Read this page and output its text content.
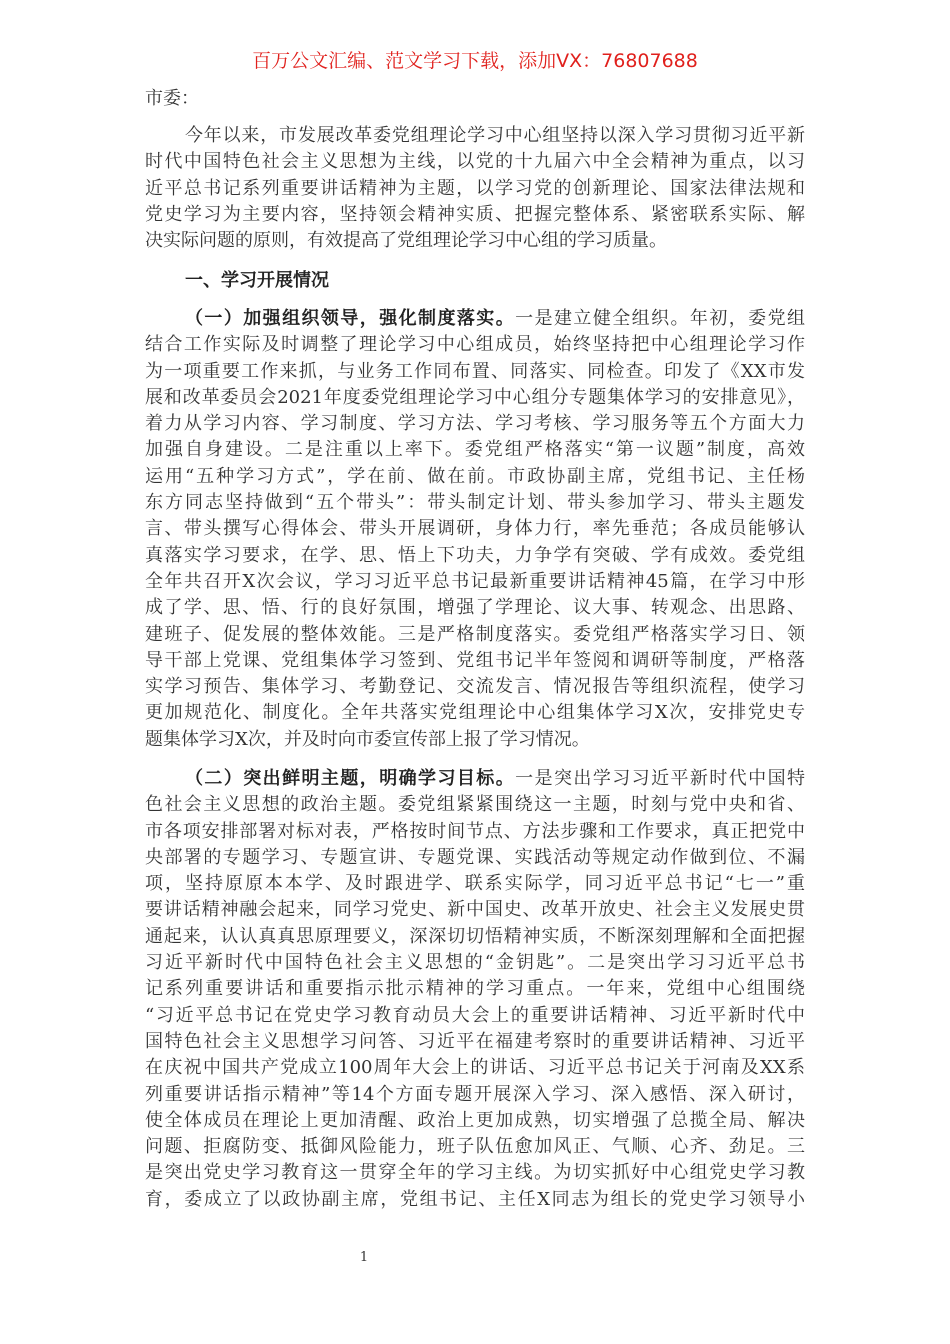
百万公文汇编、范文学习下载，添加VX：76807688
市委：
今年以来，市发展改革委党组理论学习中心组坚持以深入学习贯彻习近平新
时代中国特色社会主义思想为主线，以党的十九届六中全会精神为重点，以习
近平总书记系列重要讲话精神为主题，以学习党的创新理论、国家法律法规和
党史学习为主要内容，坚持领会精神实质、把握完整体系、紧密联系实际、解
决实际问题的原则，有效提高了党组理论学习中心组的学习质量。
一、学习开展情况
（一）加强组织领导，强化制度落实。一是建立健全组织。年初，委党组
结合工作实际及时调整了理论学习中心组成员，始终坚持把中心组理论学习作
为一项重要工作来抓，与业务工作同布置、同落实、同检查。印发了《XX市发
展和改革委员会2021年度委党组理论学习中心组分专题集体学习的安排意见》，
着力从学习内容、学习制度、学习方法、学习考核、学习服务等五个方面大力
加强自身建设。二是注重以上率下。委党组严格落实“第一议题”制度，高效
运用“五种学习方式”，学在前、做在前。市政协副主席，党组书记、主任杨
东方同志坚持做到“五个带头”：带头制定计划、带头参加学习、带头主题发
言、带头撰写心得体会、带头开展调研，身体力行，率先垂范；各成员能够认
真落实学习要求，在学、思、悟上下功夫，力争学有突破、学有成效。委党组
全年共召开X次会议，学习习近平总书记最新重要讲话精神45篇，在学习中形
成了学、思、悟、行的良好氛围，增强了学理论、议大事、转观念、出思路、
建班子、促发展的整体效能。三是严格制度落实。委党组严格落实学习日、领
导干部上党课、党组集体学习签到、党组书记半年签阅和调研等制度，严格落
实学习预告、集体学习、考勤登记、交流发言、情况报告等组织流程，使学习
更加规范化、制度化。全年共落实党组理论中心组集体学习X次，安排党史专
题集体学习X次，并及时向市委宣传部上报了学习情况。
（二）突出鲜明主题，明确学习目标。一是突出学习习近平新时代中国特
色社会主义思想的政治主题。委党组紧紧围绕这一主题，时刻与党中央和省、
市各项安排部署对标对表，严格按时间节点、方法步骤和工作要求，真正把党中
央部署的专题学习、专题宣讲、专题党课、实践活动等规定动作做到位、不漏
项，坚持原原本本学、及时跟进学、联系实际学，同习近平总书记“七一”重
要讲话精神融会起来，同学习党史、新中国史、改革开放史、社会主义发展史贯
通起来，认认真真思原理要义，深深切切悟精神实质，不断深刻理解和全面把握
习近平新时代中国特色社会主义思想的“金钥匙”。二是突出学习习近平总书
记系列重要讲话和重要指示批示精神的学习重点。一年来，党组中心组围绕
“习近平总书记在党史学习教育动员大会上的重要讲话精神、习近平新时代中
国特色社会主义思想学习问答、习近平在福建考察时的重要讲话精神、习近平
在庆祝中国共产党成立100周年大会上的讲话、习近平总书记关于河南及XX系
列重要讲话指示精神”等14个方面专题开展深入学习、深入感悟、深入研讨，
使全体成员在理论上更加清醒、政治上更加成熟，切实增强了总揽全局、解决
问题、拒腐防变、抵御风险能力，班子队伍愈加风正、气顺、心齐、劲足。三
是突出党史学习教育这一贯穿全年的学习主线。为切实抓好中心组党史学习教
育，委成立了以政协副主席，党组书记、主任X同志为组长的党史学习领导小
1
